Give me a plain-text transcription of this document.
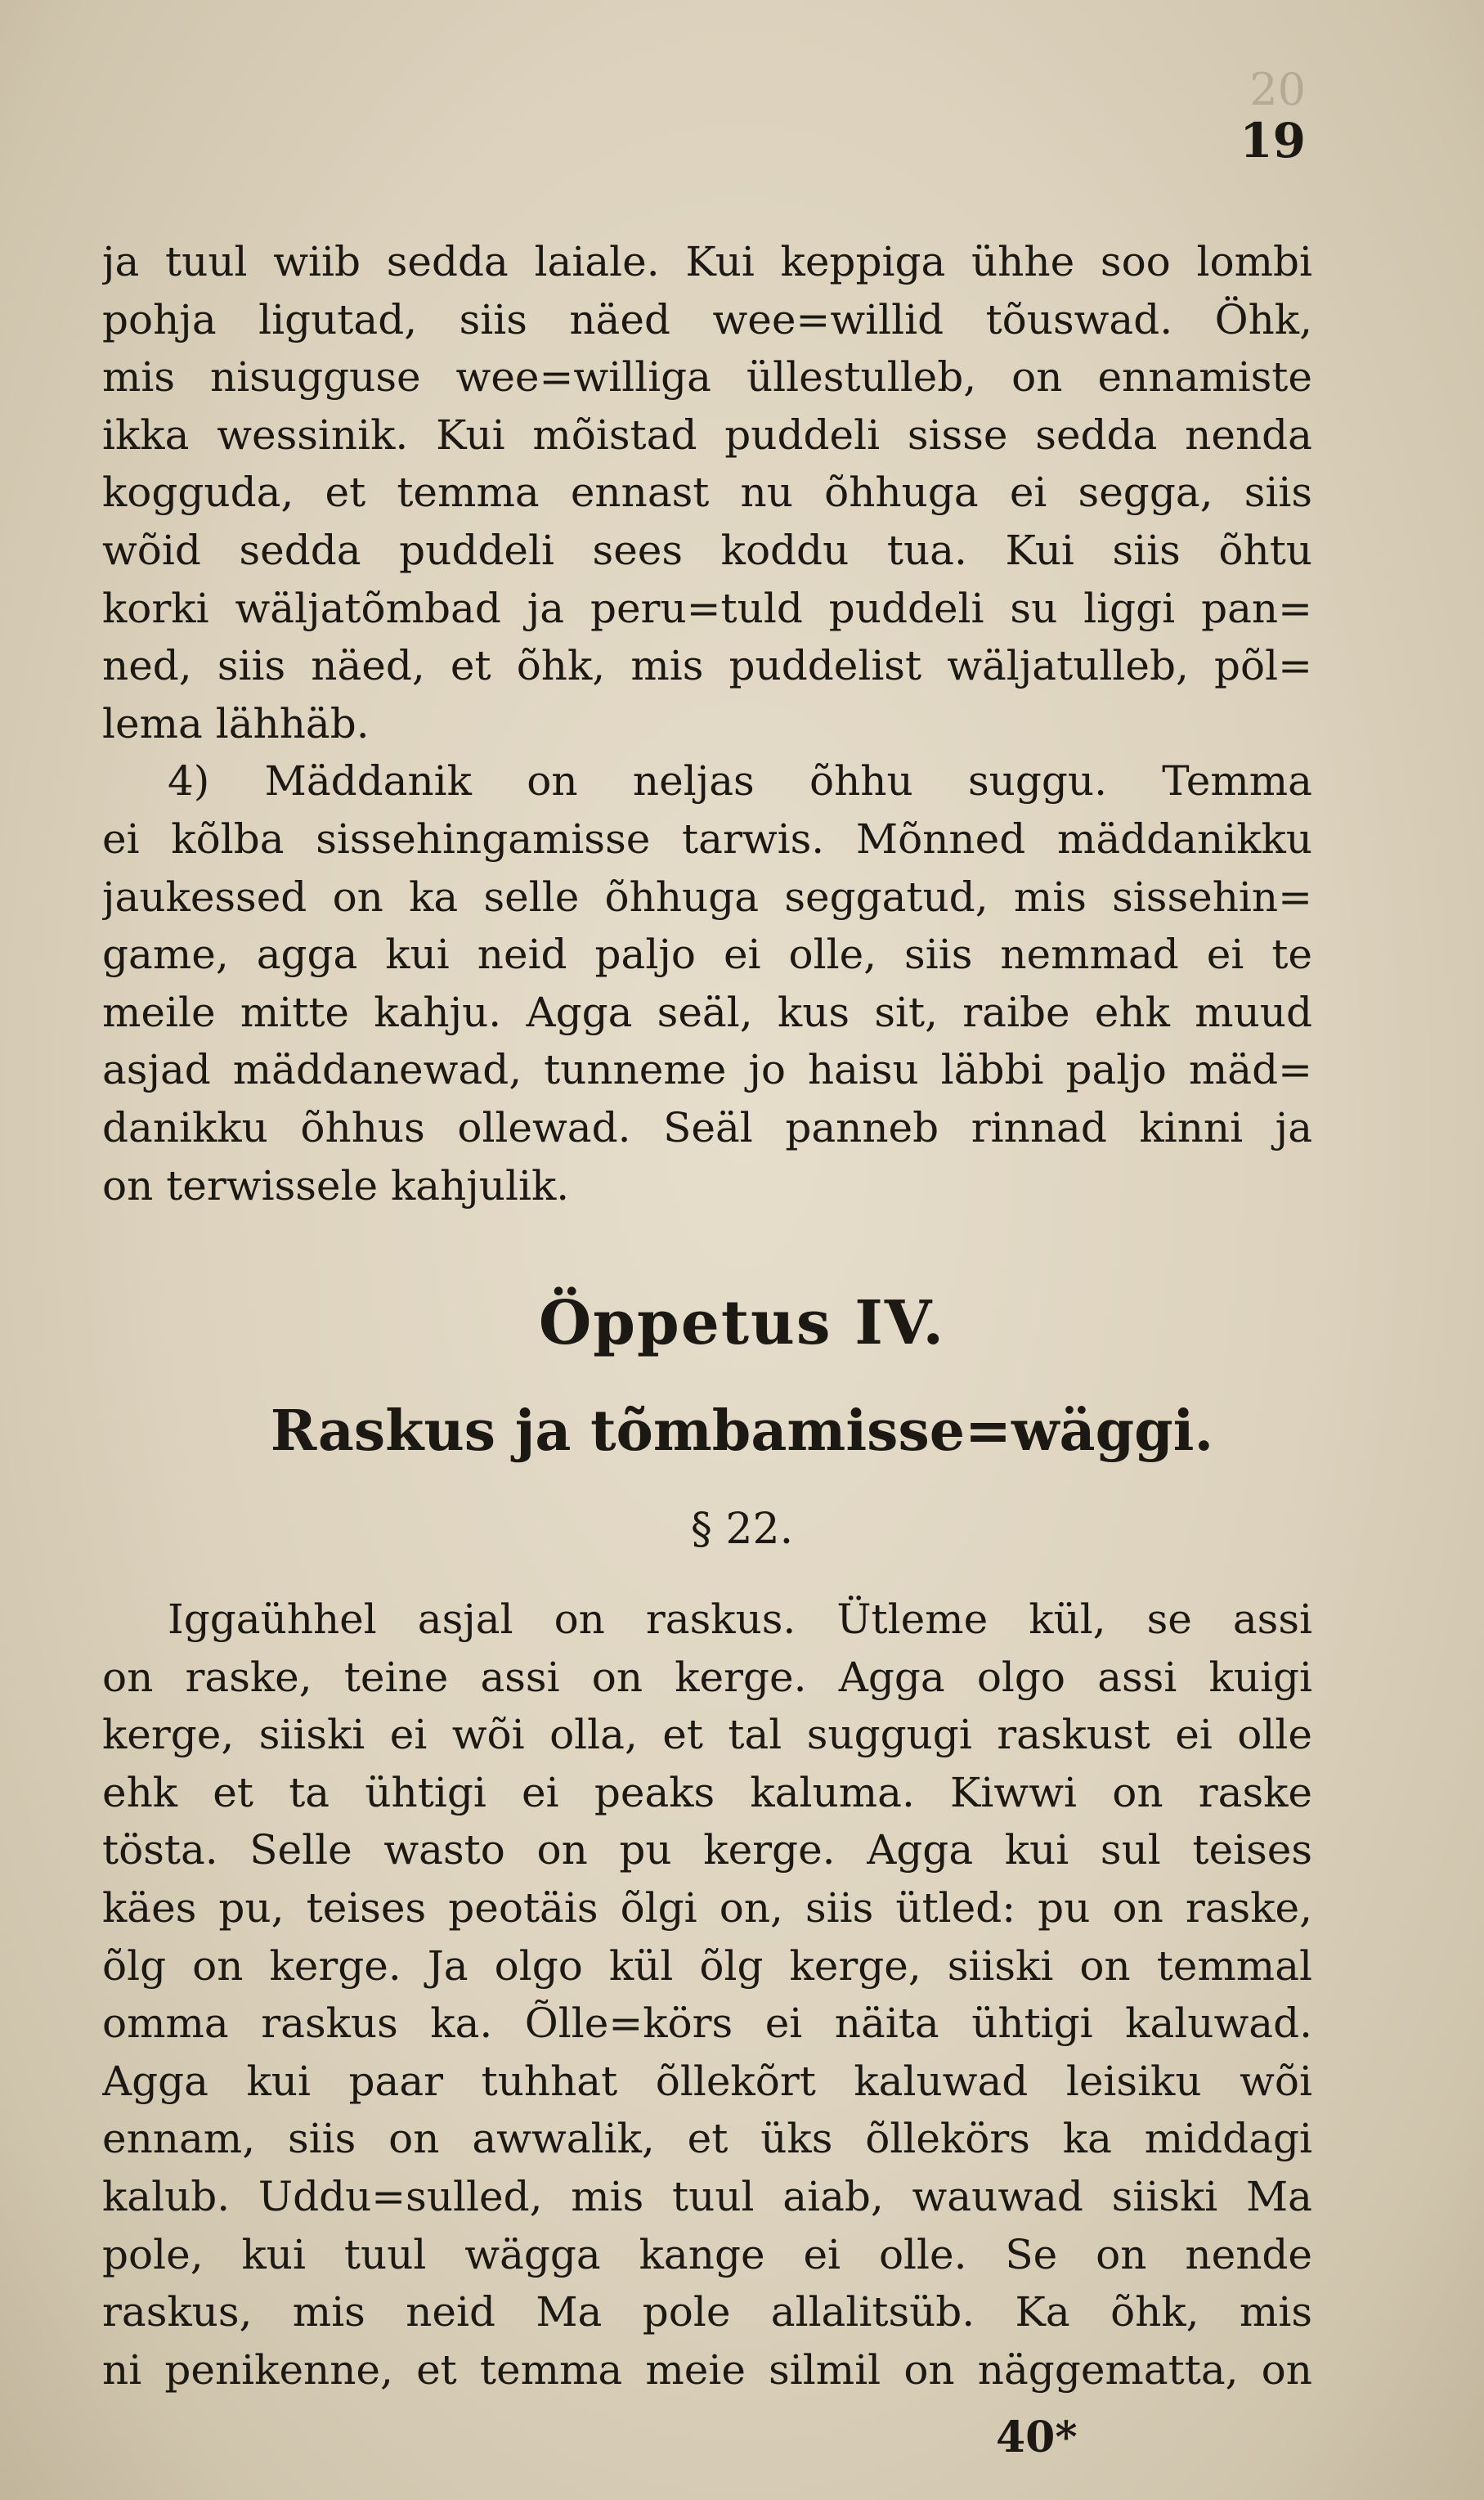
20
19
ja tuul wiib sedda laiale. Kui keppiga ühhe soo lombi
pohja ligutad, siis näed wee=willid tõuswad. Öhk,
mis nisugguse wee=williga üllestulleb, on ennamiste
ikka wessinik. Kui mõistad puddeli sisse sedda nenda
kogguda, et temma ennast nu õhhuga ei segga, siis
wõid sedda puddeli sees koddu tua. Kui siis õhtu
korki wäljatõmbad ja peru=tuld puddeli su liggi pan=
ned, siis näed, et õhk, mis puddelist wäljatulleb, põl=
lema lähhäb.
4) Mäddanik on neljas õhhu suggu. Temma
ei kõlba sissehingamisse tarwis. Mõnned mäddanikku
jaukessed on ka selle õhhuga seggatud, mis sissehin=
game, agga kui neid paljo ei olle, siis nemmad ei te
meile mitte kahju. Agga seäl, kus sit, raibe ehk muud
asjad mäddanewad, tunneme jo haisu läbbi paljo mäd=
danikku õhhus ollewad. Seäl panneb rinnad kinni ja
on terwissele kahjulik.
Öppetus IV.
Raskus ja tõmbamisse=wäggi.
§ 22.
Iggaühhel asjal on raskus. Ütleme kül, se assi
on raske, teine assi on kerge. Agga olgo assi kuigi
kerge, siiski ei wõi olla, et tal suggugi raskust ei olle
ehk et ta ühtigi ei peaks kaluma. Kiwwi on raske
tösta. Selle wasto on pu kerge. Agga kui sul teises
käes pu, teises peotäis õlgi on, siis ütled: pu on raske,
õlg on kerge. Ja olgo kül õlg kerge, siiski on temmal
omma raskus ka. Õlle=körs ei näita ühtigi kaluwad.
Agga kui paar tuhhat õllekõrt kaluwad leisiku wõi
ennam, siis on awwalik, et üks õllekörs ka middagi
kalub. Uddu=sulled, mis tuul aiab, wauwad siiski Ma
pole, kui tuul wägga kange ei olle. Se on nende
raskus, mis neid Ma pole allalitsüb. Ka õhk, mis
ni penikenne, et temma meie silmil on näggematta, on
40*
